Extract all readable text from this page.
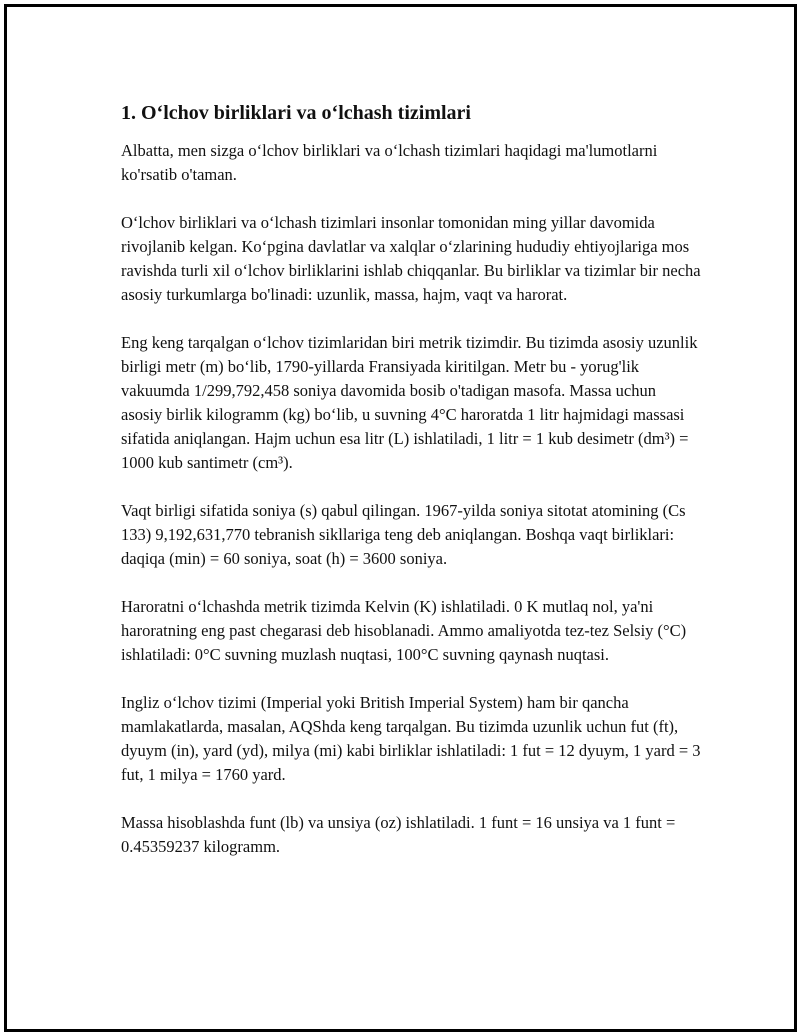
1. O‘lchov birliklari va o‘lchash tizimlari

Albatta, men sizga o‘lchov birliklari va o‘lchash tizimlari haqidagi ma'lumotlarni ko'rsatib o'taman.

O‘lchov birliklari va o‘lchash tizimlari insonlar tomonidan ming yillar davomida rivojlanib kelgan. Ko‘pgina davlatlar va xalqlar o‘zlarining hududiy ehtiyojlariga mos ravishda turli xil o‘lchov birliklarini ishlab chiqqanlar. Bu birliklar va tizimlar bir necha asosiy turkumlarga bo'linadi: uzunlik, massa, hajm, vaqt va harorat.

Eng keng tarqalgan o‘lchov tizimlaridan biri metrik tizimdir. Bu tizimda asosiy uzunlik birligi metr (m) bo‘lib, 1790-yillarda Fransiyada kiritilgan. Metr bu - yorug'lik vakuumda 1/299,792,458 soniya davomida bosib o'tadigan masofa. Massa uchun asosiy birlik kilogramm (kg) bo‘lib, u suvning 4°C haroratda 1 litr hajmidagi massasi sifatida aniqlangan. Hajm uchun esa litr (L) ishlatiladi, 1 litr = 1 kub desimetr (dm³) = 1000 kub santimetr (cm³).

Vaqt birligi sifatida soniya (s) qabul qilingan. 1967-yilda soniya sitotat atomining (Cs 133) 9,192,631,770 tebranish sikllariga teng deb aniqlangan. Boshqa vaqt birliklari: daqiqa (min) = 60 soniya, soat (h) = 3600 soniya.

Haroratni o‘lchashda metrik tizimda Kelvin (K) ishlatiladi. 0 K mutlaq nol, ya'ni haroratning eng past chegarasi deb hisoblanadi. Ammo amaliyotda tez-tez Selsiy (°C) ishlatiladi: 0°C suvning muzlash nuqtasi, 100°C suvning qaynash nuqtasi.

Ingliz o‘lchov tizimi (Imperial yoki British Imperial System) ham bir qancha mamlakatlarda, masalan, AQShda keng tarqalgan. Bu tizimda uzunlik uchun fut (ft), dyuym (in), yard (yd), milya (mi) kabi birliklar ishlatiladi: 1 fut = 12 dyuym, 1 yard = 3 fut, 1 milya = 1760 yard.

Massa hisoblashda funt (lb) va unsiya (oz) ishlatiladi. 1 funt = 16 unsiya va 1 funt = 0.45359237 kilogramm.
